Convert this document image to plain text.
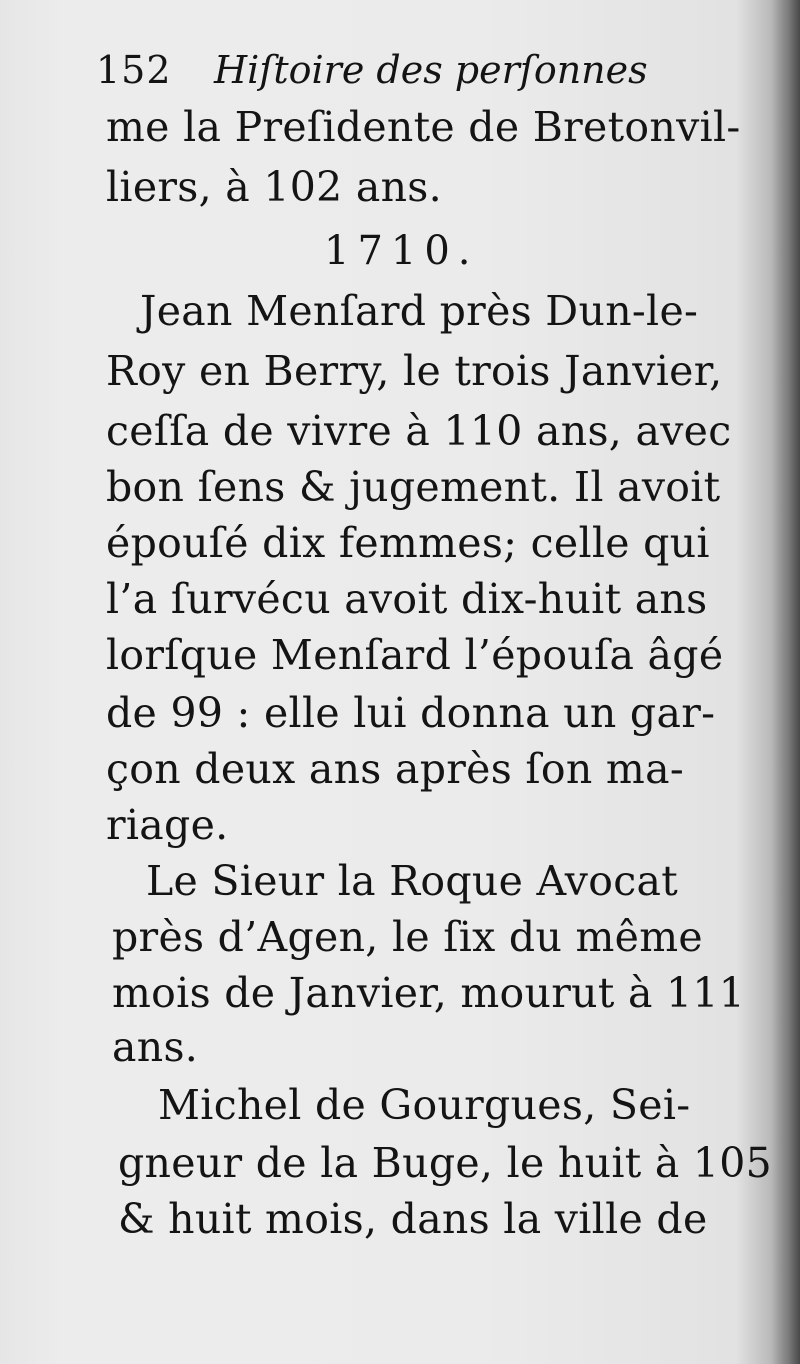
152 Hiſtoire des perſonnes
me la Preſidente de Bretonvil-
liers, à 102 ans.
1710.
Jean Menſard près Dun-le-
Roy en Berry, le trois Janvier,
ceſſa de vivre à 110 ans, avec
bon ſens & jugement. Il avoit
épouſé dix femmes; celle qui
l’a ſurvécu avoit dix-huit ans
lorſque Menſard l’épouſa âgé
de 99 : elle lui donna un gar-
çon deux ans après ſon ma-
riage.
Le Sieur la Roque Avocat
près d’Agen, le ſix du même
mois de Janvier, mourut à 111
ans.
Michel de Gourgues, Sei-
gneur de la Buge, le huit à 105
& huit mois, dans la ville de
